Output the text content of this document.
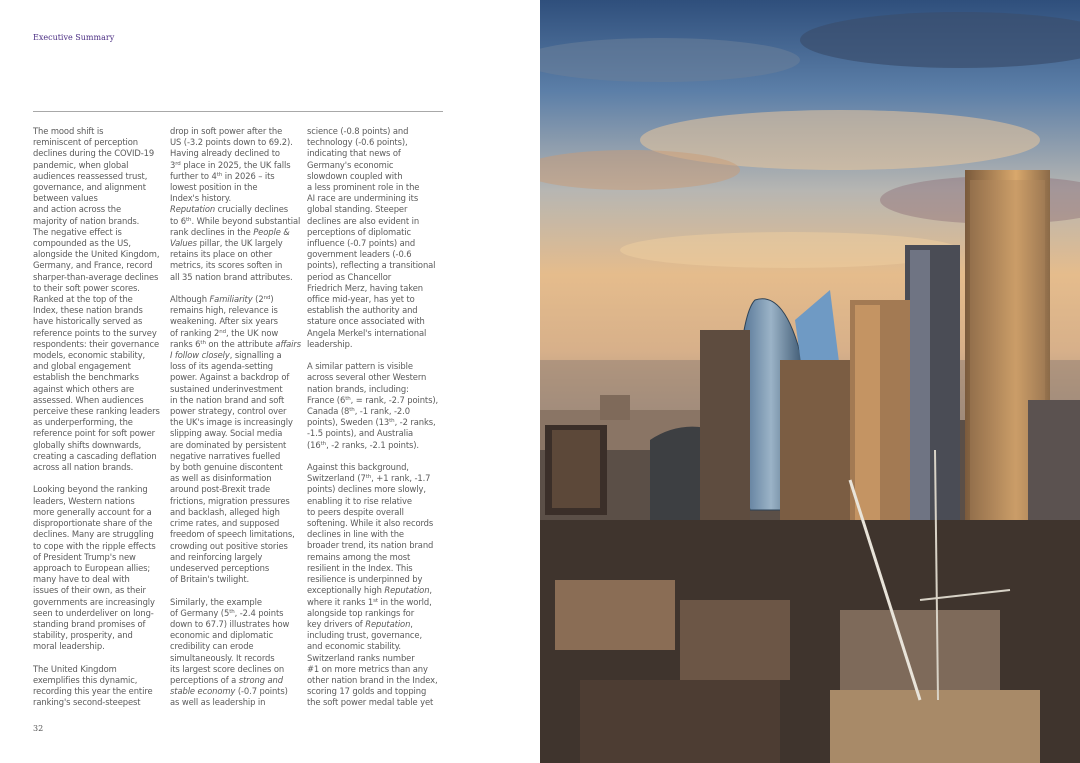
Executive Summary
The mood shift is
reminiscent of perception
declines during the COVID-19
pandemic, when global
audiences reassessed trust,
governance, and alignment
between values
and action across the
majority of nation brands.
The negative effect is
compounded as the US,
alongside the United Kingdom,
Germany, and France, record
sharper-than-average declines
to their soft power scores.
Ranked at the top of the
Index, these nation brands
have historically served as
reference points to the survey
respondents: their governance
models, economic stability,
and global engagement
establish the benchmarks
against which others are
assessed. When audiences
perceive these ranking leaders
as underperforming, the
reference point for soft power
globally shifts downwards,
creating a cascading deflation
across all nation brands.
Looking beyond the ranking
leaders, Western nations
more generally account for a
disproportionate share of the
declines. Many are struggling
to cope with the ripple effects
of President Trump's new
approach to European allies;
many have to deal with
issues of their own, as their
governments are increasingly
seen to underdeliver on long-
standing brand promises of
stability, prosperity, and
moral leadership.
The United Kingdom
exemplifies this dynamic,
recording this year the entire
ranking's second-steepest
drop in soft power after the
US (-3.2 points down to 69.2).
Having already declined to
3rd place in 2025, the UK falls
further to 4th in 2026 – its
lowest position in the
Index's history.
Reputation crucially declines
to 6th. While beyond substantial
rank declines in the People &
Values pillar, the UK largely
retains its place on other
metrics, its scores soften in
all 35 nation brand attributes.
Although Familiarity (2nd)
remains high, relevance is
weakening. After six years
of ranking 2nd, the UK now
ranks 6th on the attribute affairs
I follow closely, signalling a
loss of its agenda-setting
power. Against a backdrop of
sustained underinvestment
in the nation brand and soft
power strategy, control over
the UK's image is increasingly
slipping away. Social media
are dominated by persistent
negative narratives fuelled
by both genuine discontent
as well as disinformation
around post-Brexit trade
frictions, migration pressures
and backlash, alleged high
crime rates, and supposed
freedom of speech limitations,
crowding out positive stories
and reinforcing largely
undeserved perceptions
of Britain's twilight.
Similarly, the example
of Germany (5th, -2.4 points
down to 67.7) illustrates how
economic and diplomatic
credibility can erode
simultaneously. It records
its largest score declines on
perceptions of a strong and
stable economy (-0.7 points)
as well as leadership in
science (-0.8 points) and
technology (-0.6 points),
indicating that news of
Germany's economic
slowdown coupled with
a less prominent role in the
AI race are undermining its
global standing. Steeper
declines are also evident in
perceptions of diplomatic
influence (-0.7 points) and
government leaders (-0.6
points), reflecting a transitional
period as Chancellor
Friedrich Merz, having taken
office mid-year, has yet to
establish the authority and
stature once associated with
Angela Merkel's international
leadership.
A similar pattern is visible
across several other Western
nation brands, including:
France (6th, = rank, -2.7 points),
Canada (8th, -1 rank, -2.0
points), Sweden (13th, -2 ranks,
-1.5 points), and Australia
(16th, -2 ranks, -2.1 points).
Against this background,
Switzerland (7th, +1 rank, -1.7
points) declines more slowly,
enabling it to rise relative
to peers despite overall
softening. While it also records
declines in line with the
broader trend, its nation brand
remains among the most
resilient in the Index. This
resilience is underpinned by
exceptionally high Reputation,
where it ranks 1st in the world,
alongside top rankings for
key drivers of Reputation,
including trust, governance,
and economic stability.
Switzerland ranks number
#1 on more metrics than any
other nation brand in the Index,
scoring 17 golds and topping
the soft power medal table yet
32
